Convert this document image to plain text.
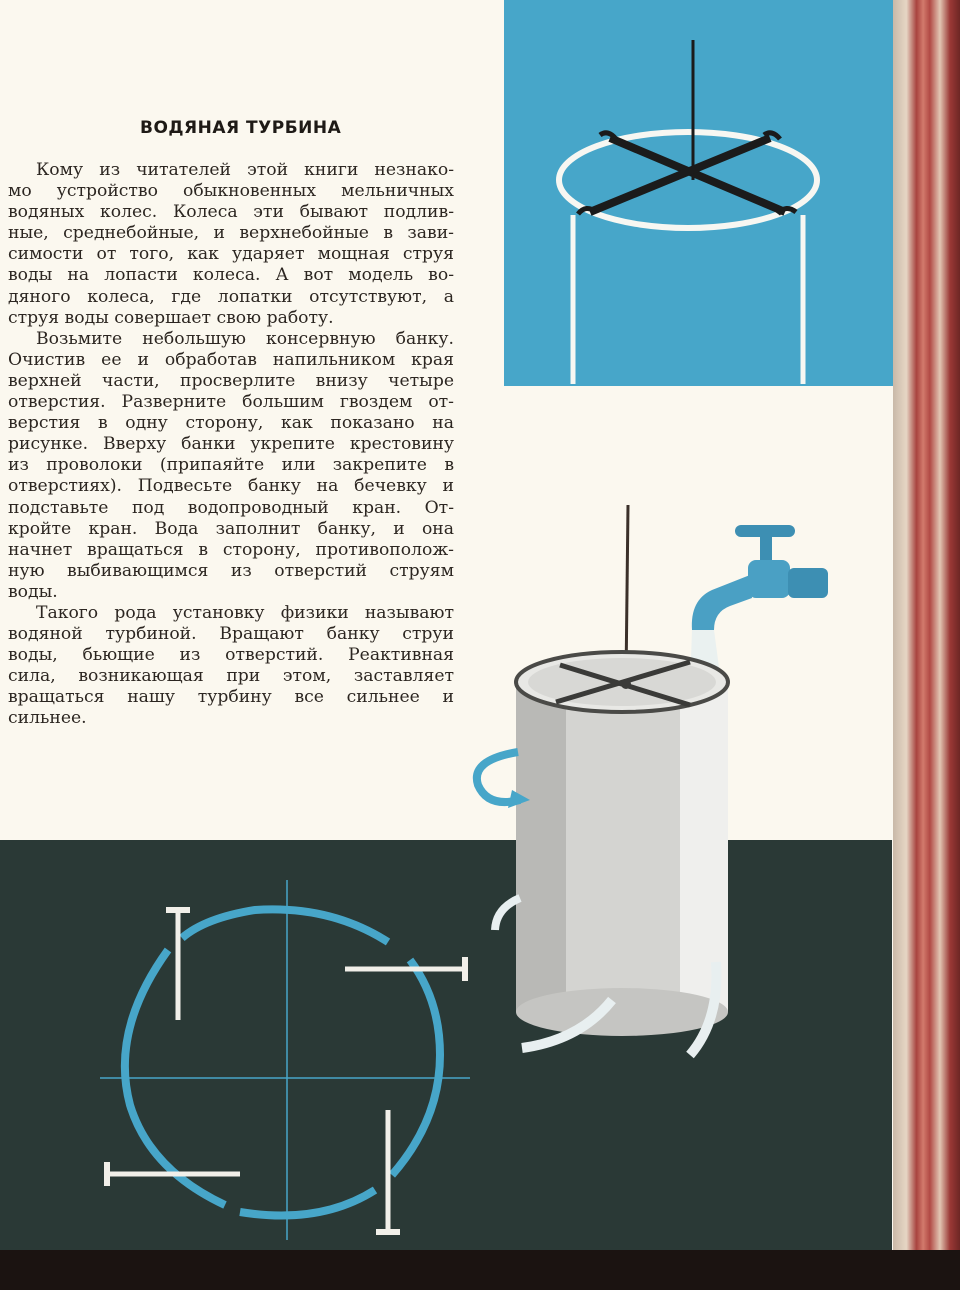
ВОДЯНАЯ ТУРБИНА
Кому из читателей этой книги незнако-
мо устройство обыкновенных мельничных
водяных колес. Колеса эти бывают подлив-
ные, среднебойные, и верхнебойные в зави-
симости от того, как ударяет мощная струя
воды на лопасти колеса. А вот модель во-
дяного колеса, где лопатки отсутствуют, а
струя воды совершает свою работу.
Возьмите небольшую консервную банку.
Очистив ее и обработав напильником края
верхней части, просверлите внизу четыре
отверстия. Разверните большим гвоздем от-
верстия в одну сторону, как показано на
рисунке. Вверху банки укрепите крестовину
из проволоки (припаяйте или закрепите в
отверстиях). Подвесьте банку на бечевку и
подставьте под водопроводный кран. От-
кройте кран. Вода заполнит банку, и она
начнет вращаться в сторону, противополож-
ную выбивающимся из отверстий струям
воды.
Такого рода установку физики называют
водяной турбиной. Вращают банку струи
воды, бьющие из отверстий. Реактивная
сила, возникающая при этом, заставляет
вращаться нашу турбину все сильнее и
сильнее.
